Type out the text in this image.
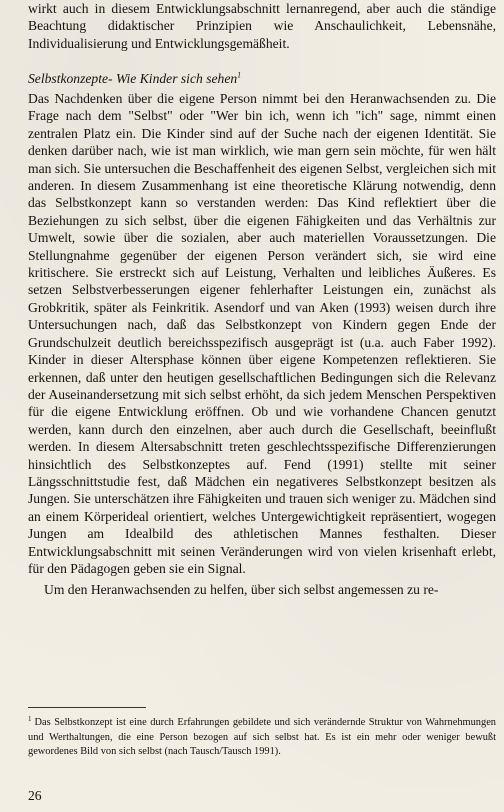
wirkt auch in diesem Entwicklungsabschnitt lernanregend, aber auch die ständige Beachtung didaktischer Prinzipien wie Anschaulichkeit, Lebensnähe, Individualisierung und Entwicklungsgemäßheit.
Selbstkonzepte- Wie Kinder sich sehen$^1$

Das Nachdenken über die eigene Person nimmt bei den Heranwachsenden zu. Die Frage nach dem "Selbst" oder "Wer bin ich, wenn ich "ich" sage, nimmt einen zentralen Platz ein. Die Kinder sind auf der Suche nach der eigenen Identität. Sie denken darüber nach, wie ist man wirklich, wie man gern sein möchte, für wen hält man sich. Sie untersuchen die Beschaffenheit des eigenen Selbst, vergleichen sich mit anderen. In diesem Zusammenhang ist eine theoretische Klärung notwendig, denn das Selbstkonzept kann so verstanden werden: Das Kind reflektiert über die Beziehungen zu sich selbst, über die eigenen Fähigkeiten und das Verhältnis zur Umwelt, sowie über die sozialen, aber auch materiellen Voraussetzungen. Die Stellungnahme gegenüber der eigenen Person verändert sich, sie wird eine kritischere. Sie erstreckt sich auf Leistung, Verhalten und leibliches Äußeres. Es setzen Selbstverbesserungen eigener fehlerhafter Leistungen ein, zunächst als Grobkritik, später als Feinkritik. Asendorf und van Aken (1993) weisen durch ihre Untersuchungen nach, daß das Selbstkonzept von Kindern gegen Ende der Grundschulzeit deutlich bereichsspezifisch ausgeprägt ist (u.a. auch Faber 1992). Kinder in dieser Altersphase können über eigene Kompetenzen reflektieren. Sie erkennen, daß unter den heutigen gesellschaftlichen Bedingungen sich die Relevanz der Auseinandersetzung mit sich selbst erhöht, da sich jedem Menschen Perspektiven für die eigene Entwicklung eröffnen. Ob und wie vorhandene Chancen genutzt werden, kann durch den einzelnen, aber auch durch die Gesellschaft, beeinflußt werden. In diesem Altersabschnitt treten geschlechtsspezifische Differenzierungen hinsichtlich des Selbstkonzeptes auf. Fend (1991) stellte mit seiner Längsschnittstudie fest, daß Mädchen ein negativeres Selbstkonzept besitzen als Jungen. Sie unterschätzen ihre Fähigkeiten und trauen sich weniger zu. Mädchen sind an einem Körperideal orientiert, welches Untergewichtigkeit repräsentiert, wogegen Jungen am Idealbild des athletischen Mannes festhalten. Dieser Entwicklungsabschnitt mit seinen Veränderungen wird von vielen krisenhaft erlebt, für den Pädagogen geben sie ein Signal.

Um den Heranwachsenden zu helfen, über sich selbst angemessen zu re-

$^1$ Das Selbstkonzept ist eine durch Erfahrungen gebildete und sich verändernde Struktur von Wahrnehmungen und Werthaltungen, die eine Person bezogen auf sich selbst hat. Es ist ein mehr oder weniger bewußt gewordenes Bild von sich selbst (nach Tausch/Tausch 1991).
26
